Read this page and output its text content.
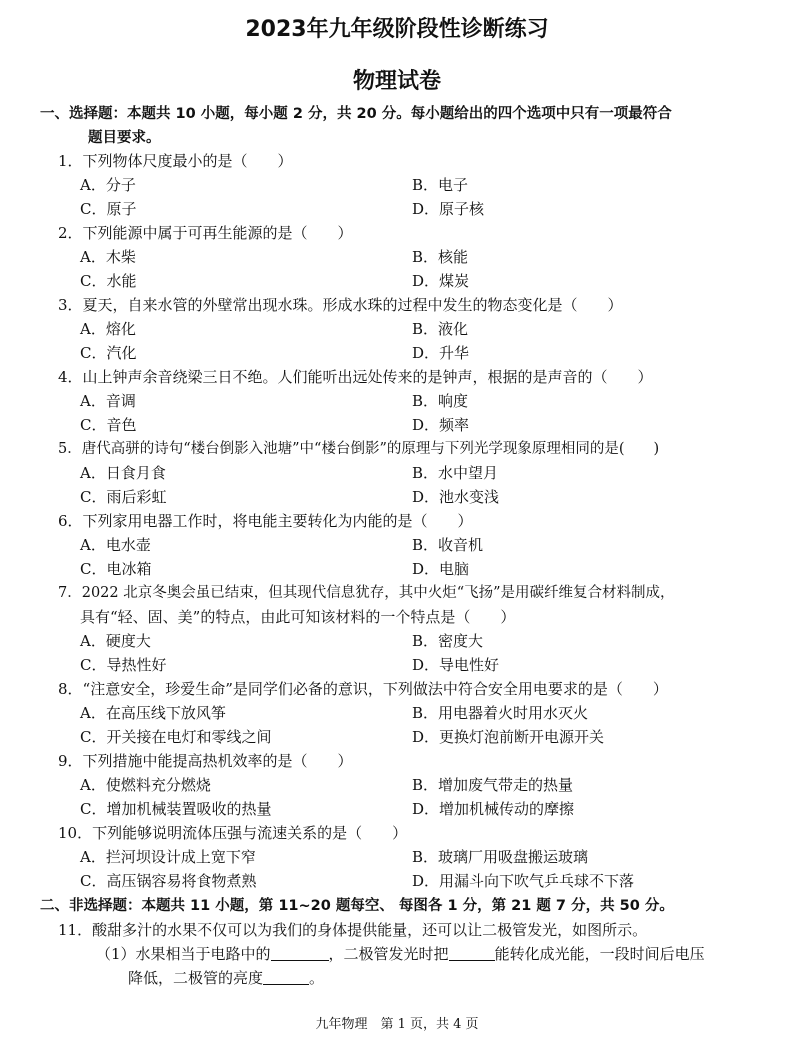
2023年九年级阶段性诊断练习
物理试卷
一、选择题：本题共 10 小题，每小题 2 分，共 20 分。每小题给出的四个选项中只有一项最符合
题目要求。
1．下列物体尺度最小的是（　　）
A．分子	B．电子
C．原子	D．原子核
2．下列能源中属于可再生能源的是（　　）
A．木柴	B．核能
C．水能	D．煤炭
3．夏天，自来水管的外壁常出现水珠。形成水珠的过程中发生的物态变化是（　　）
A．熔化	B．液化
C．汽化	D．升华
4．山上钟声余音绕梁三日不绝。人们能听出远处传来的是钟声，根据的是声音的（　　）
A．音调	B．响度
C．音色	D．频率
5．唐代高骈的诗句“楼台倒影入池塘”中“楼台倒影”的原理与下列光学现象原理相同的是(　　)
A．日食月食	B．水中望月
C．雨后彩虹	D．池水变浅
6．下列家用电器工作时，将电能主要转化为内能的是（　　）
A．电水壶	B．收音机
C．电冰箱	D．电脑
7．2022 北京冬奥会虽已结束，但其现代信息犹存，其中火炬“飞扬”是用碳纤维复合材料制成，
具有“轻、固、美”的特点，由此可知该材料的一个特点是（　　）
A．硬度大	B．密度大
C．导热性好	D．导电性好
8．“注意安全，珍爱生命”是同学们必备的意识，下列做法中符合安全用电要求的是（　　）
A．在高压线下放风筝	B．用电器着火时用水灭火
C．开关接在电灯和零线之间	D．更换灯泡前断开电源开关
9．下列措施中能提高热机效率的是（　　）
A．使燃料充分燃烧	B．增加废气带走的热量
C．增加机械装置吸收的热量	D．增加机械传动的摩擦
10．下列能够说明流体压强与流速关系的是（　　）
A．拦河坝设计成上宽下窄	B．玻璃厂用吸盘搬运玻璃
C．高压锅容易将食物煮熟	D．用漏斗向下吹气乒乓球不下落
二、非选择题：本题共 11 小题，第 11~20 题每空、 每图各 1 分，第 21 题 7 分，共 50 分。
11．酸甜多汁的水果不仅可以为我们的身体提供能量，还可以让二极管发光，如图所示。
（1）水果相当于电路中的	，二极管发光时把	能转化成光能，一段时间后电压
降低，二极管的亮度	。
九年物理　第 1 页，共 4 页
